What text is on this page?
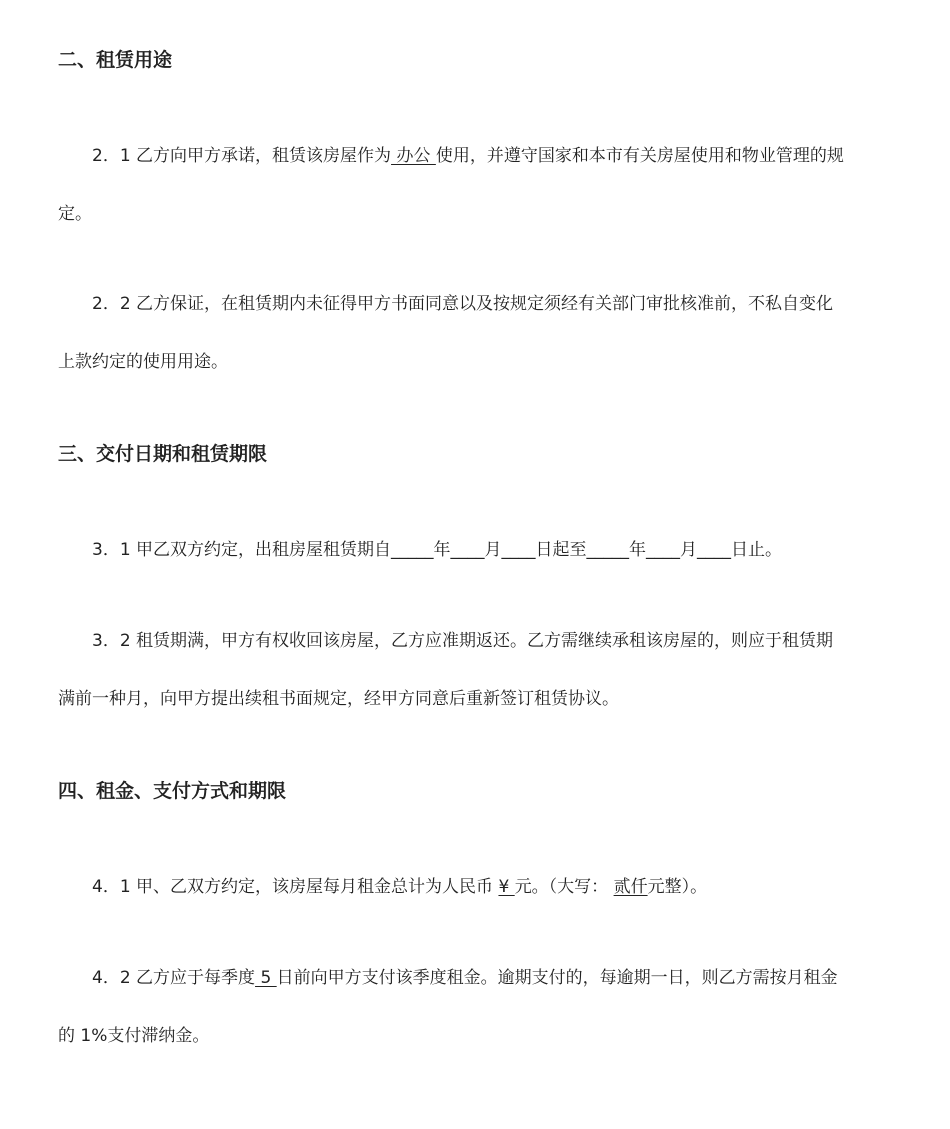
二、租赁用途

2．1 乙方向甲方承诺，租赁该房屋作为 办公 使用，并遵守国家和本市有关房屋使用和物业管理的规

定。

2．2 乙方保证，在租赁期内未征得甲方书面同意以及按规定须经有关部门审批核准前，不私自变化

上款约定的使用用途。

三、交付日期和租赁期限

3．1 甲乙双方约定，出租房屋租赁期自_____年____月____日起至_____年____月____日止。

3．2 租赁期满，甲方有权收回该房屋，乙方应准期返还。乙方需继续承租该房屋的，则应于租赁期

满前一种月，向甲方提出续租书面规定，经甲方同意后重新签订租赁协议。

四、租金、支付方式和期限

4．1 甲、乙双方约定，该房屋每月租金总计为人民币 ¥ 元。（大写： 贰仟元整）。

4．2 乙方应于每季度 5 日前向甲方支付该季度租金。逾期支付的，每逾期一日，则乙方需按月租金

的 1%支付滞纳金。
